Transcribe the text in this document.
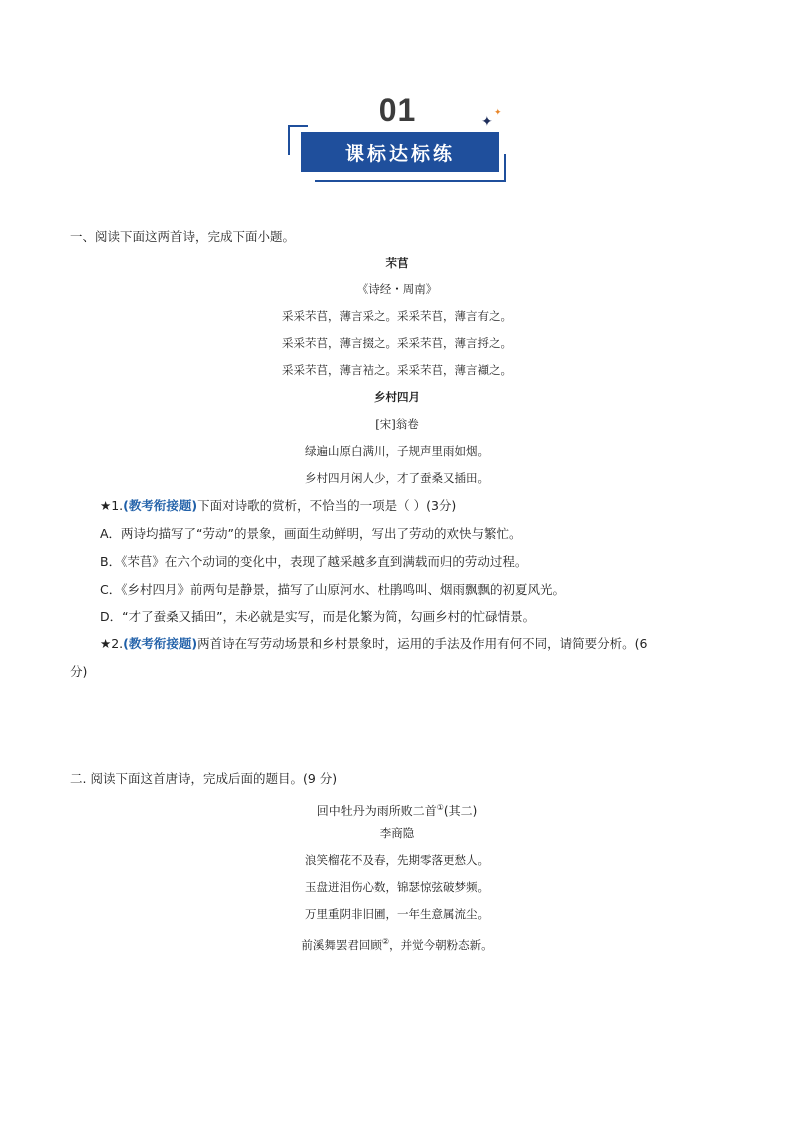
01
课标达标练
✦
✦
一、阅读下面这两首诗，完成下面小题。
芣苢
《诗经・周南》
采采芣苢，薄言采之。采采芣苢，薄言有之。
采采芣苢，薄言掇之。采采芣苢，薄言捋之。
采采芣苢，薄言袺之。采采芣苢，薄言襭之。
乡村四月
[宋]翁卷
绿遍山原白满川，子规声里雨如烟。
乡村四月闲人少，才了蚕桑又插田。
★1.(教考衔接题)下面对诗歌的赏析，不恰当的一项是（ ）(3分)
A．两诗均描写了“劳动”的景象，画面生动鲜明，写出了劳动的欢快与繁忙。
B．《芣苢》在六个动词的变化中，表现了越采越多直到满载而归的劳动过程。
C．《乡村四月》前两句是静景，描写了山原河水、杜鹃鸣叫、烟雨飘飘的初夏风光。
D．“才了蚕桑又插田”，未必就是实写，而是化繁为简，勾画乡村的忙碌情景。
★2.(教考衔接题)两首诗在写劳动场景和乡村景象时，运用的手法及作用有何不同，请简要分析。(6
分)
二. 阅读下面这首唐诗，完成后面的题目。(9 分)
回中牡丹为雨所败二首①(其二)
李商隐
浪笑榴花不及春，先期零落更愁人。
玉盘迸泪伤心数，锦瑟惊弦破梦频。
万里重阴非旧圃，一年生意属流尘。
前溪舞罢君回顾②，并觉今朝粉态新。
